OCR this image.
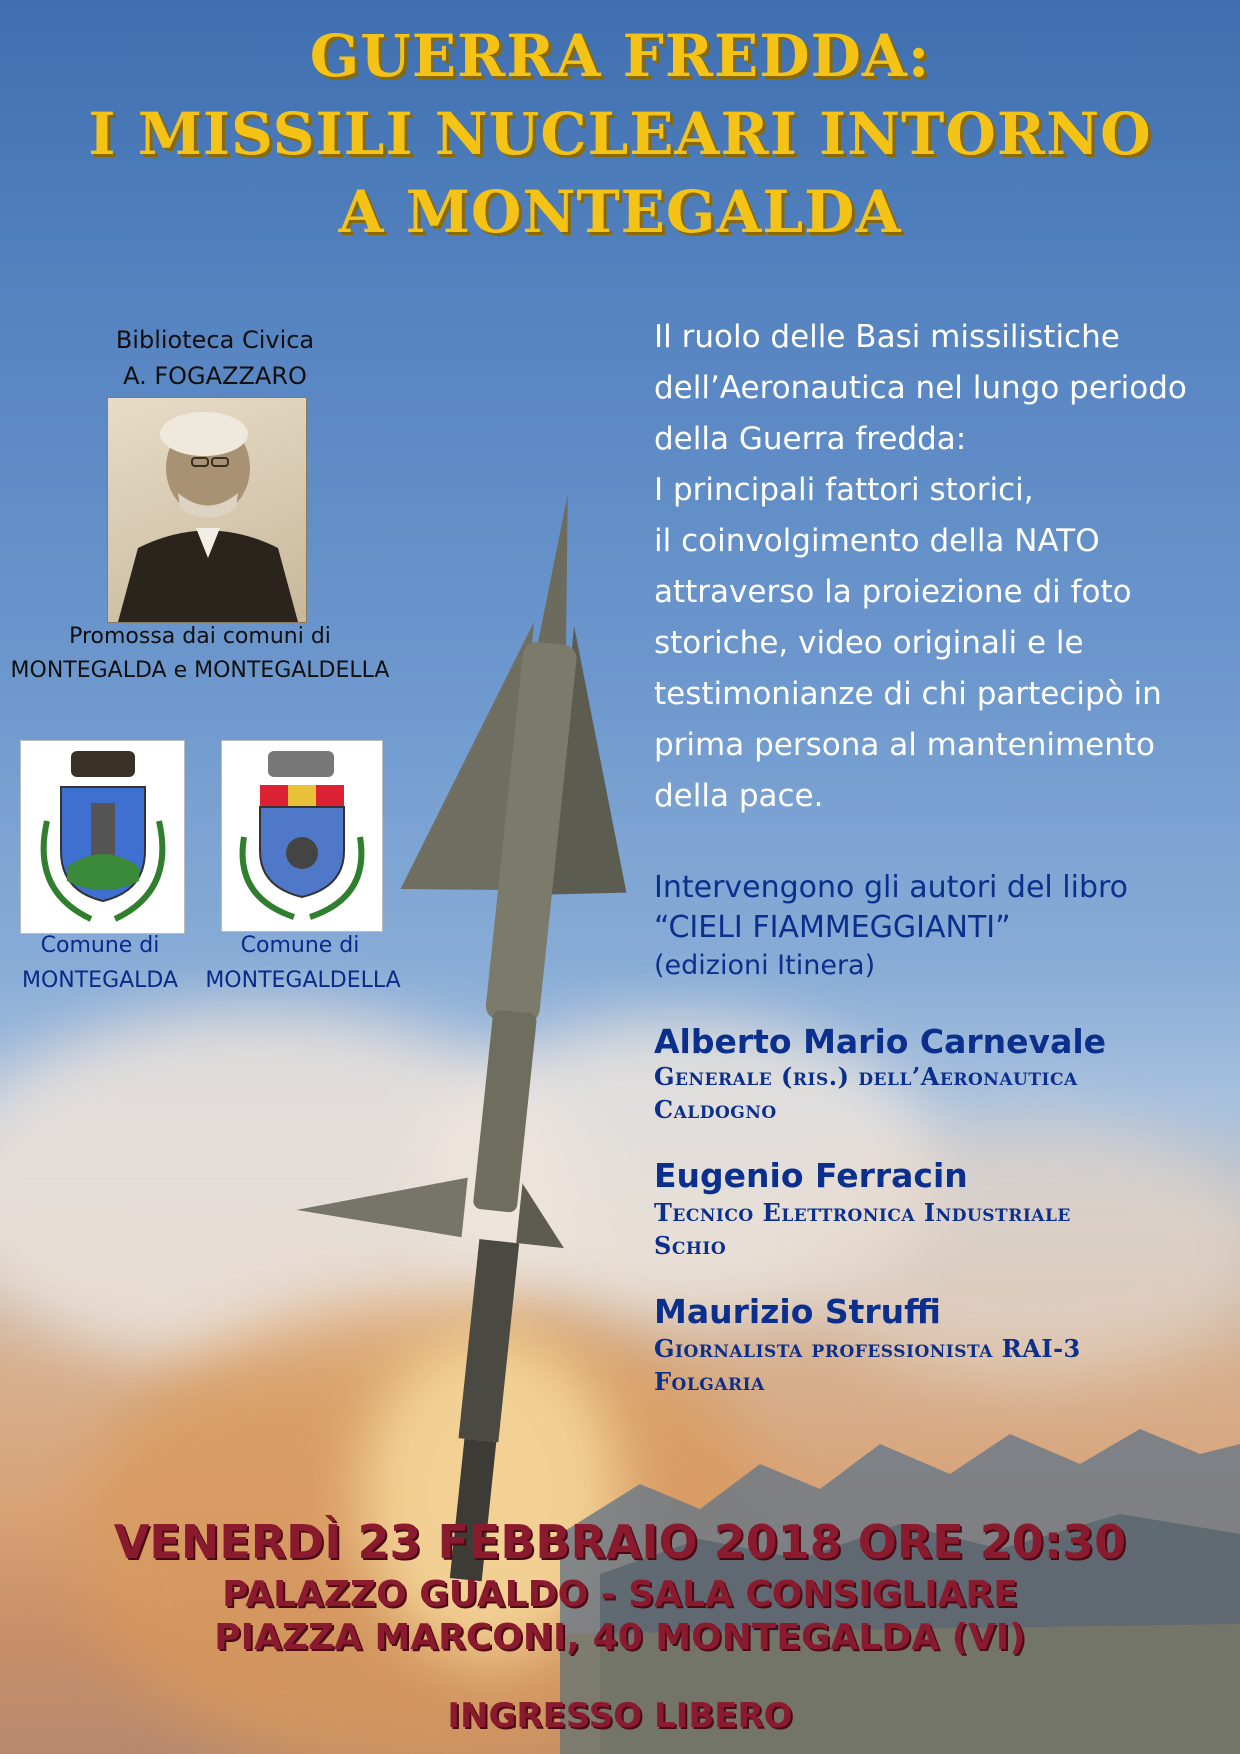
GUERRA FREDDA:
I MISSILI NUCLEARI INTORNO
A MONTEGALDA
Biblioteca Civica
A. FOGAZZARO
Promossa dai comuni di
MONTEGALDA e MONTEGALDELLA
Comune di
MONTEGALDA
Comune di
MONTEGALDELLA
Il ruolo delle Basi missilistiche
dell’Aeronautica nel lungo periodo
della Guerra fredda:
I principali fattori storici,
il coinvolgimento della NATO
attraverso la proiezione di foto
storiche, video originali e le
testimonianze di chi partecipò in
prima persona al mantenimento
della pace.
Intervengono gli autori del libro
“CIELI FIAMMEGGIANTI”
(edizioni Itinera)
Alberto Mario Carnevale
Generale (ris.) dell’Aeronautica
Caldogno
Eugenio Ferracin
Tecnico Elettronica Industriale
Schio
Maurizio Struffi
Giornalista professionista RAI-3
Folgaria
VENERDÌ 23 FEBBRAIO 2018 ORE 20:30
PALAZZO GUALDO - SALA CONSIGLIARE
PIAZZA MARCONI, 40 MONTEGALDA (VI)
INGRESSO LIBERO
